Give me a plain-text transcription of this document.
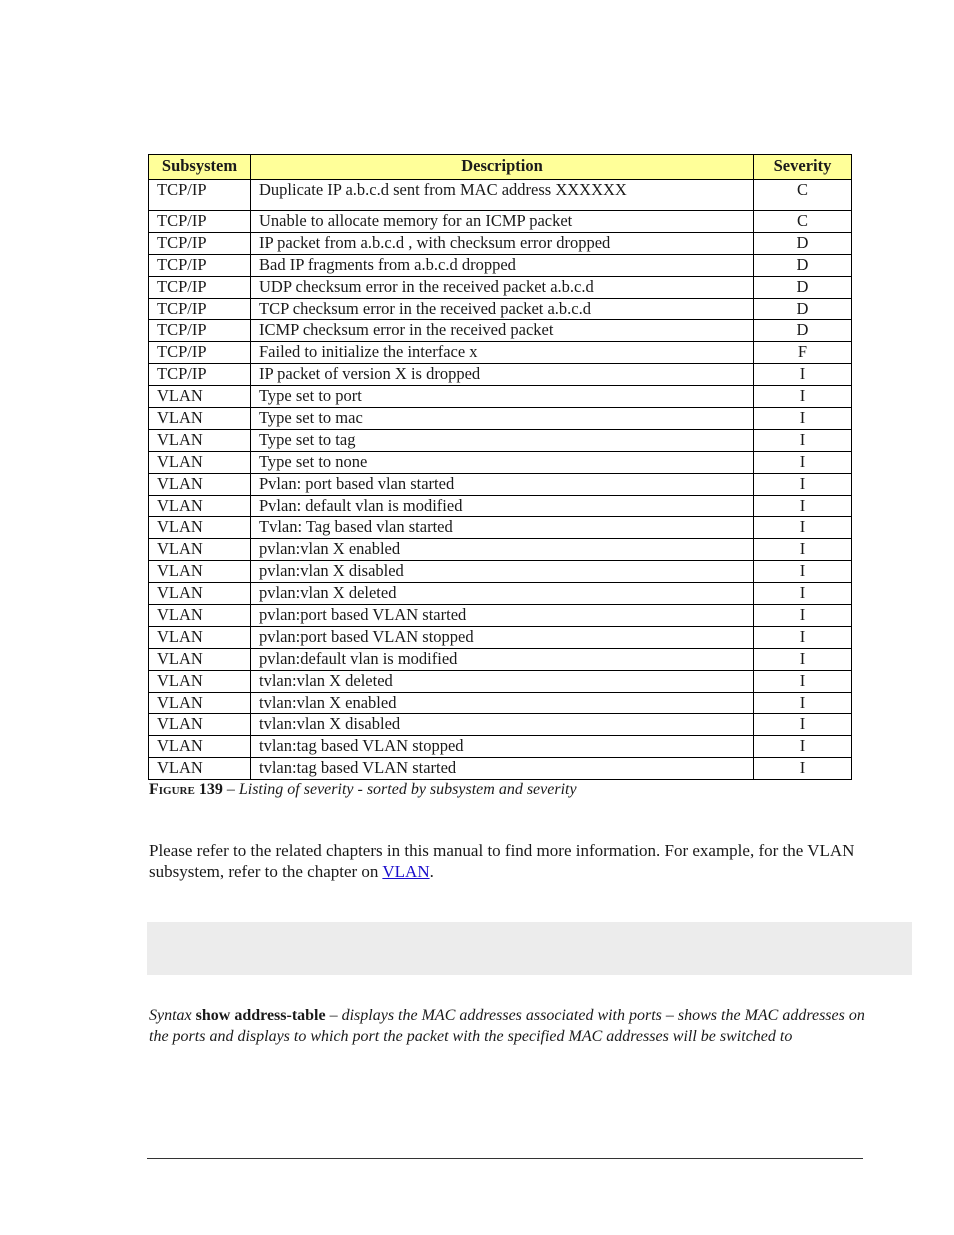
Subsystem	Description	Severity
TCP/IP	Duplicate IP a.b.c.d sent from MAC address XXXXXX	C
TCP/IP	Unable to allocate memory for an ICMP packet	C
TCP/IP	IP packet from a.b.c.d , with checksum error dropped	D
TCP/IP	Bad IP fragments from a.b.c.d dropped	D
TCP/IP	UDP checksum error in the received packet a.b.c.d	D
TCP/IP	TCP checksum error in the received packet a.b.c.d	D
TCP/IP	ICMP checksum error in the received packet	D
TCP/IP	Failed to initialize the interface x	F
TCP/IP	IP packet of version X is dropped	I
VLAN	Type set to port	I
VLAN	Type set to mac	I
VLAN	Type set to tag	I
VLAN	Type set to none	I
VLAN	Pvlan: port based vlan started	I
VLAN	Pvlan: default vlan is modified	I
VLAN	Tvlan: Tag based vlan started	I
VLAN	pvlan:vlan X enabled	I
VLAN	pvlan:vlan X disabled	I
VLAN	pvlan:vlan X deleted	I
VLAN	pvlan:port based VLAN started	I
VLAN	pvlan:port based VLAN stopped	I
VLAN	pvlan:default vlan is modified	I
VLAN	tvlan:vlan X deleted	I
VLAN	tvlan:vlan X enabled	I
VLAN	tvlan:vlan X disabled	I
VLAN	tvlan:tag based VLAN stopped	I
VLAN	tvlan:tag based VLAN started	I
Figure 139 – Listing of severity - sorted by subsystem and severity

Please refer to the related chapters in this manual to find more information. For example, for the VLAN subsystem, refer to the chapter on VLAN.

Syntax show address-table – displays the MAC addresses associated with ports – shows the MAC addresses on the ports and displays to which port the packet with the specified MAC addresses will be switched to
